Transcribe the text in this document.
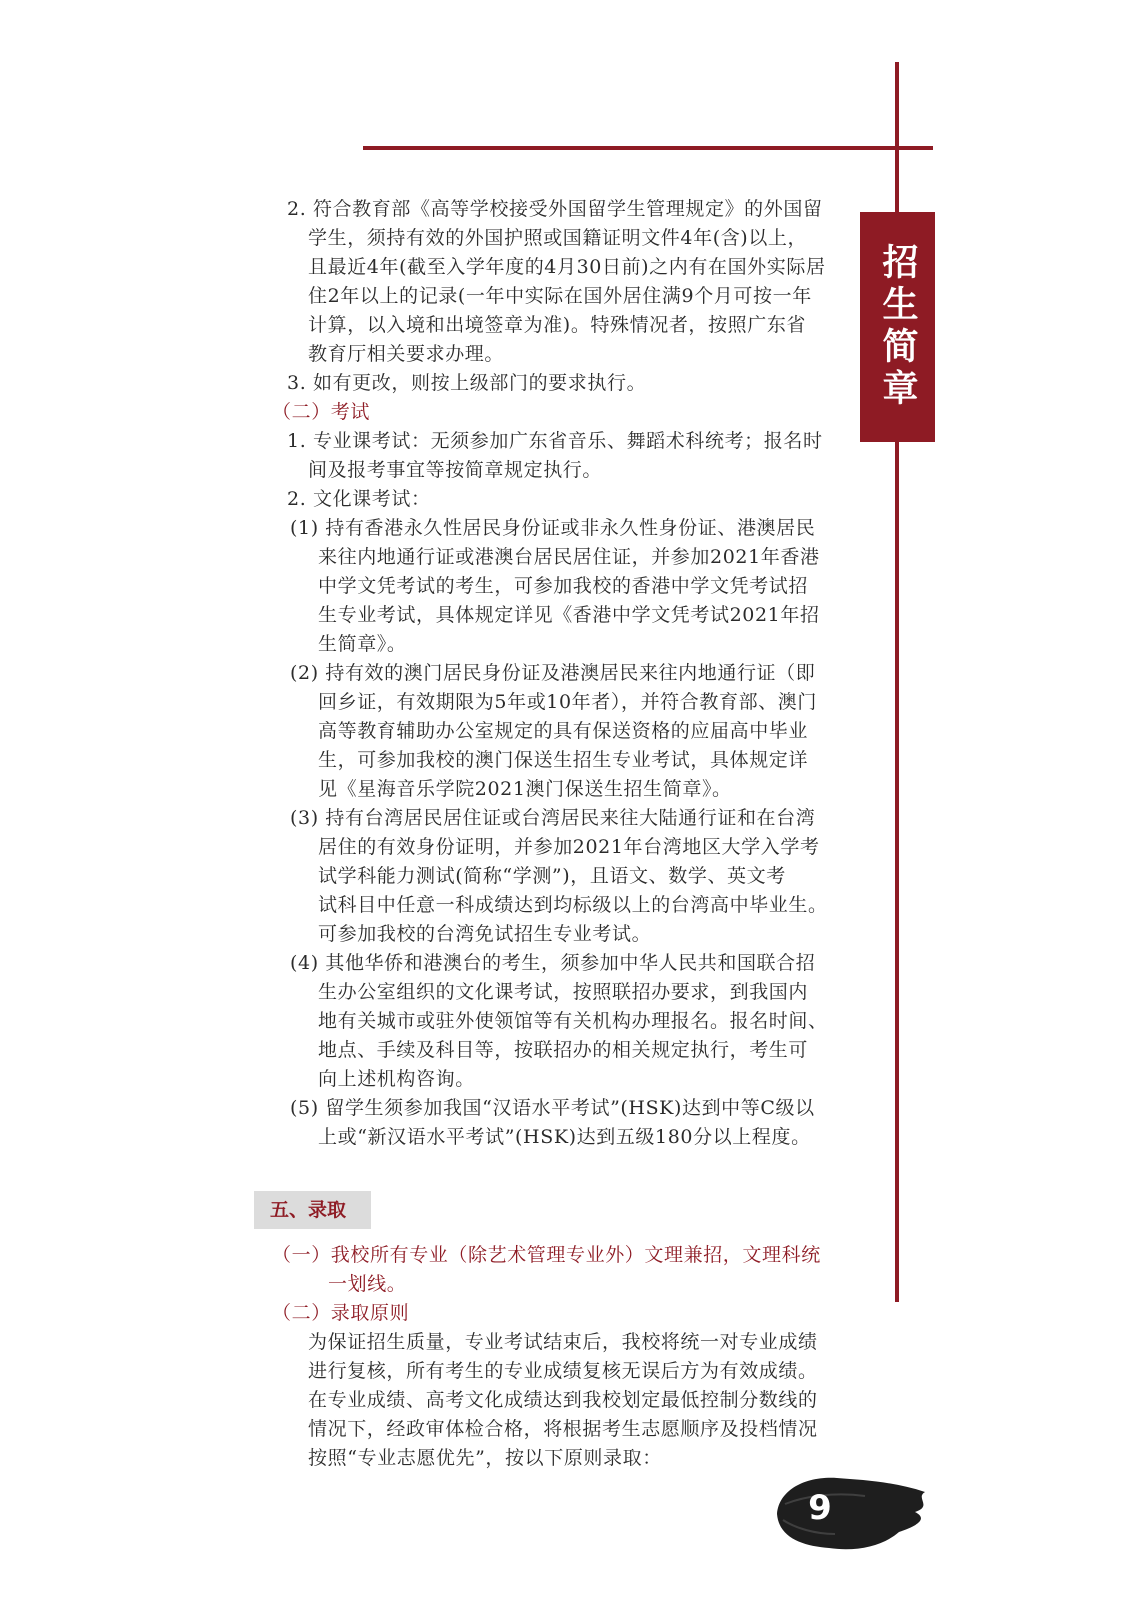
招生简章
2. 符合教育部《高等学校接受外国留学生管理规定》的外国留
学生，须持有效的外国护照或国籍证明文件4年(含)以上，
且最近4年(截至入学年度的4月30日前)之内有在国外实际居
住2年以上的记录(一年中实际在国外居住满9个月可按一年
计算，以入境和出境签章为准)。特殊情况者，按照广东省
教育厅相关要求办理。
3. 如有更改，则按上级部门的要求执行。
（二）考试
1. 专业课考试：无须参加广东省音乐、舞蹈术科统考；报名时
间及报考事宜等按简章规定执行。
2. 文化课考试：
(1) 持有香港永久性居民身份证或非永久性身份证、港澳居民
来往内地通行证或港澳台居民居住证，并参加2021年香港
中学文凭考试的考生，可参加我校的香港中学文凭考试招
生专业考试，具体规定详见《香港中学文凭考试2021年招
生简章》。
(2) 持有效的澳门居民身份证及港澳居民来往内地通行证（即
回乡证，有效期限为5年或10年者），并符合教育部、澳门
高等教育辅助办公室规定的具有保送资格的应届高中毕业
生，可参加我校的澳门保送生招生专业考试，具体规定详
见《星海音乐学院2021澳门保送生招生简章》。
(3) 持有台湾居民居住证或台湾居民来往大陆通行证和在台湾
居住的有效身份证明，并参加2021年台湾地区大学入学考
试学科能力测试(简称“学测”)，且语文、数学、英文考
试科目中任意一科成绩达到均标级以上的台湾高中毕业生。
可参加我校的台湾免试招生专业考试。
(4) 其他华侨和港澳台的考生，须参加中华人民共和国联合招
生办公室组织的文化课考试，按照联招办要求，到我国内
地有关城市或驻外使领馆等有关机构办理报名。报名时间、
地点、手续及科目等，按联招办的相关规定执行，考生可
向上述机构咨询。
(5) 留学生须参加我国“汉语水平考试”(HSK)达到中等C级以
上或“新汉语水平考试”(HSK)达到五级180分以上程度。
五、录取
（一）我校所有专业（除艺术管理专业外）文理兼招，文理科统
一划线。
（二）录取原则
为保证招生质量，专业考试结束后，我校将统一对专业成绩
进行复核，所有考生的专业成绩复核无误后方为有效成绩。
在专业成绩、高考文化成绩达到我校划定最低控制分数线的
情况下，经政审体检合格，将根据考生志愿顺序及投档情况
按照“专业志愿优先”，按以下原则录取：
9
